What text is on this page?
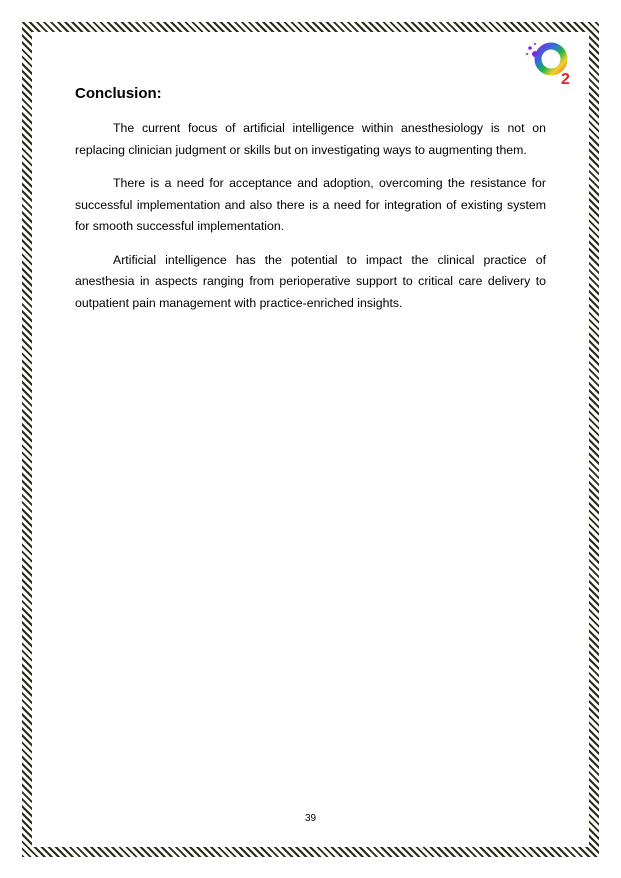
2
Conclusion:

The current focus of artificial intelligence within anesthesiology is not on replacing clinician judgment or skills but on investigating ways to augmenting them.

There is a need for acceptance and adoption, overcoming the resistance for successful implementation and also there is a need for integration of existing system for smooth successful implementation.

Artificial intelligence has the potential to impact the clinical practice of anesthesia in aspects ranging from perioperative support to critical care delivery to outpatient pain management with practice-enriched insights.

39
